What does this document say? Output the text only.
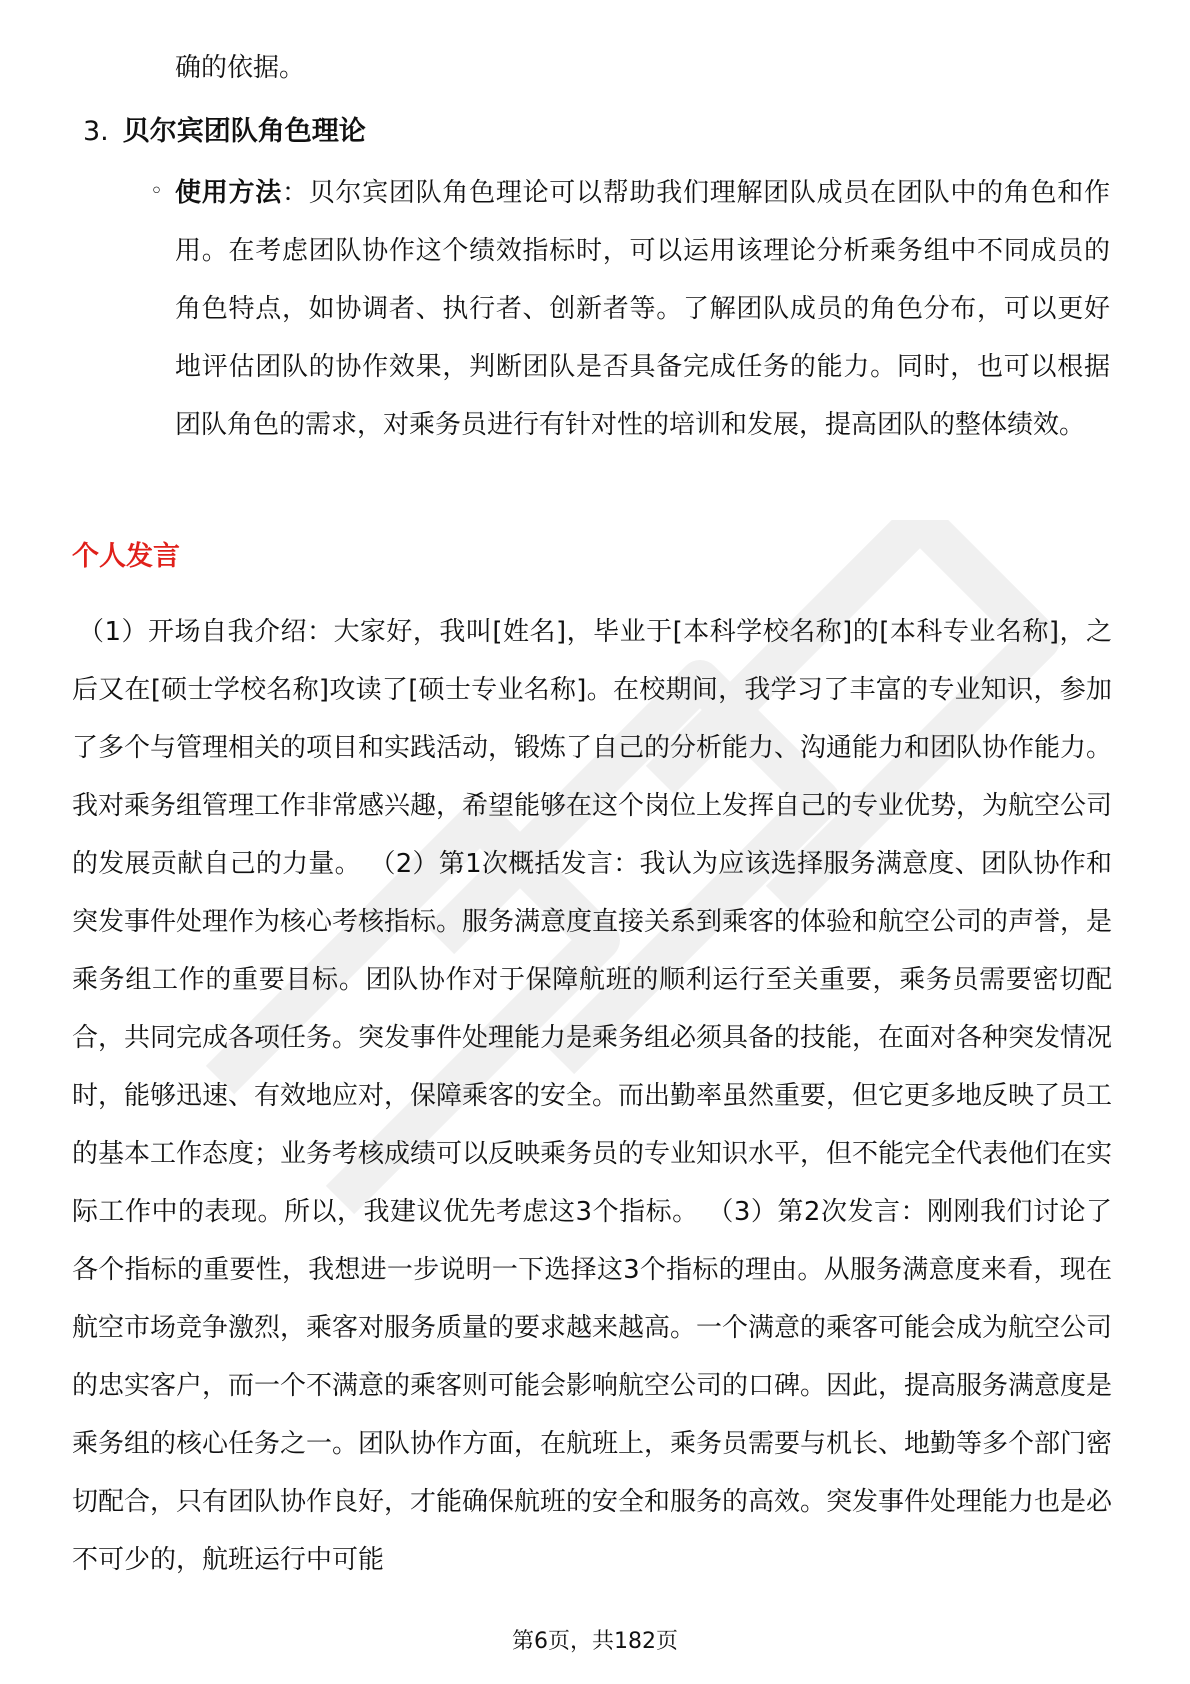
确的依据。
3. 贝尔宾团队角色理论
◦ 使用方法：贝尔宾团队角色理论可以帮助我们理解团队成员在团队中的角色和作用。在考虑团队协作这个绩效指标时，可以运用该理论分析乘务组中不同成员的角色特点，如协调者、执行者、创新者等。了解团队成员的角色分布，可以更好地评估团队的协作效果，判断团队是否具备完成任务的能力。同时，也可以根据团队角色的需求，对乘务员进行有针对性的培训和发展，提高团队的整体绩效。
个人发言
（1）开场自我介绍：大家好，我叫[姓名]，毕业于[本科学校名称]的[本科专业名称]，之后又在[硕士学校名称]攻读了[硕士专业名称]。在校期间，我学习了丰富的专业知识，参加了多个与管理相关的项目和实践活动，锻炼了自己的分析能力、沟通能力和团队协作能力。我对乘务组管理工作非常感兴趣，希望能够在这个岗位上发挥自己的专业优势，为航空公司的发展贡献自己的力量。 （2）第1次概括发言：我认为应该选择服务满意度、团队协作和突发事件处理作为核心考核指标。服务满意度直接关系到乘客的体验和航空公司的声誉，是乘务组工作的重要目标。团队协作对于保障航班的顺利运行至关重要，乘务员需要密切配合，共同完成各项任务。突发事件处理能力是乘务组必须具备的技能，在面对各种突发情况时，能够迅速、有效地应对，保障乘客的安全。而出勤率虽然重要，但它更多地反映了员工的基本工作态度；业务考核成绩可以反映乘务员的专业知识水平，但不能完全代表他们在实际工作中的表现。所以，我建议优先考虑这3个指标。 （3）第2次发言：刚刚我们讨论了各个指标的重要性，我想进一步说明一下选择这3个指标的理由。从服务满意度来看，现在航空市场竞争激烈，乘客对服务质量的要求越来越高。一个满意的乘客可能会成为航空公司的忠实客户，而一个不满意的乘客则可能会影响航空公司的口碑。因此，提高服务满意度是乘务组的核心任务之一。团队协作方面，在航班上，乘务员需要与机长、地勤等多个部门密切配合，只有团队协作良好，才能确保航班的安全和服务的高效。突发事件处理能力也是必不可少的，航班运行中可能
第6页，共182页
